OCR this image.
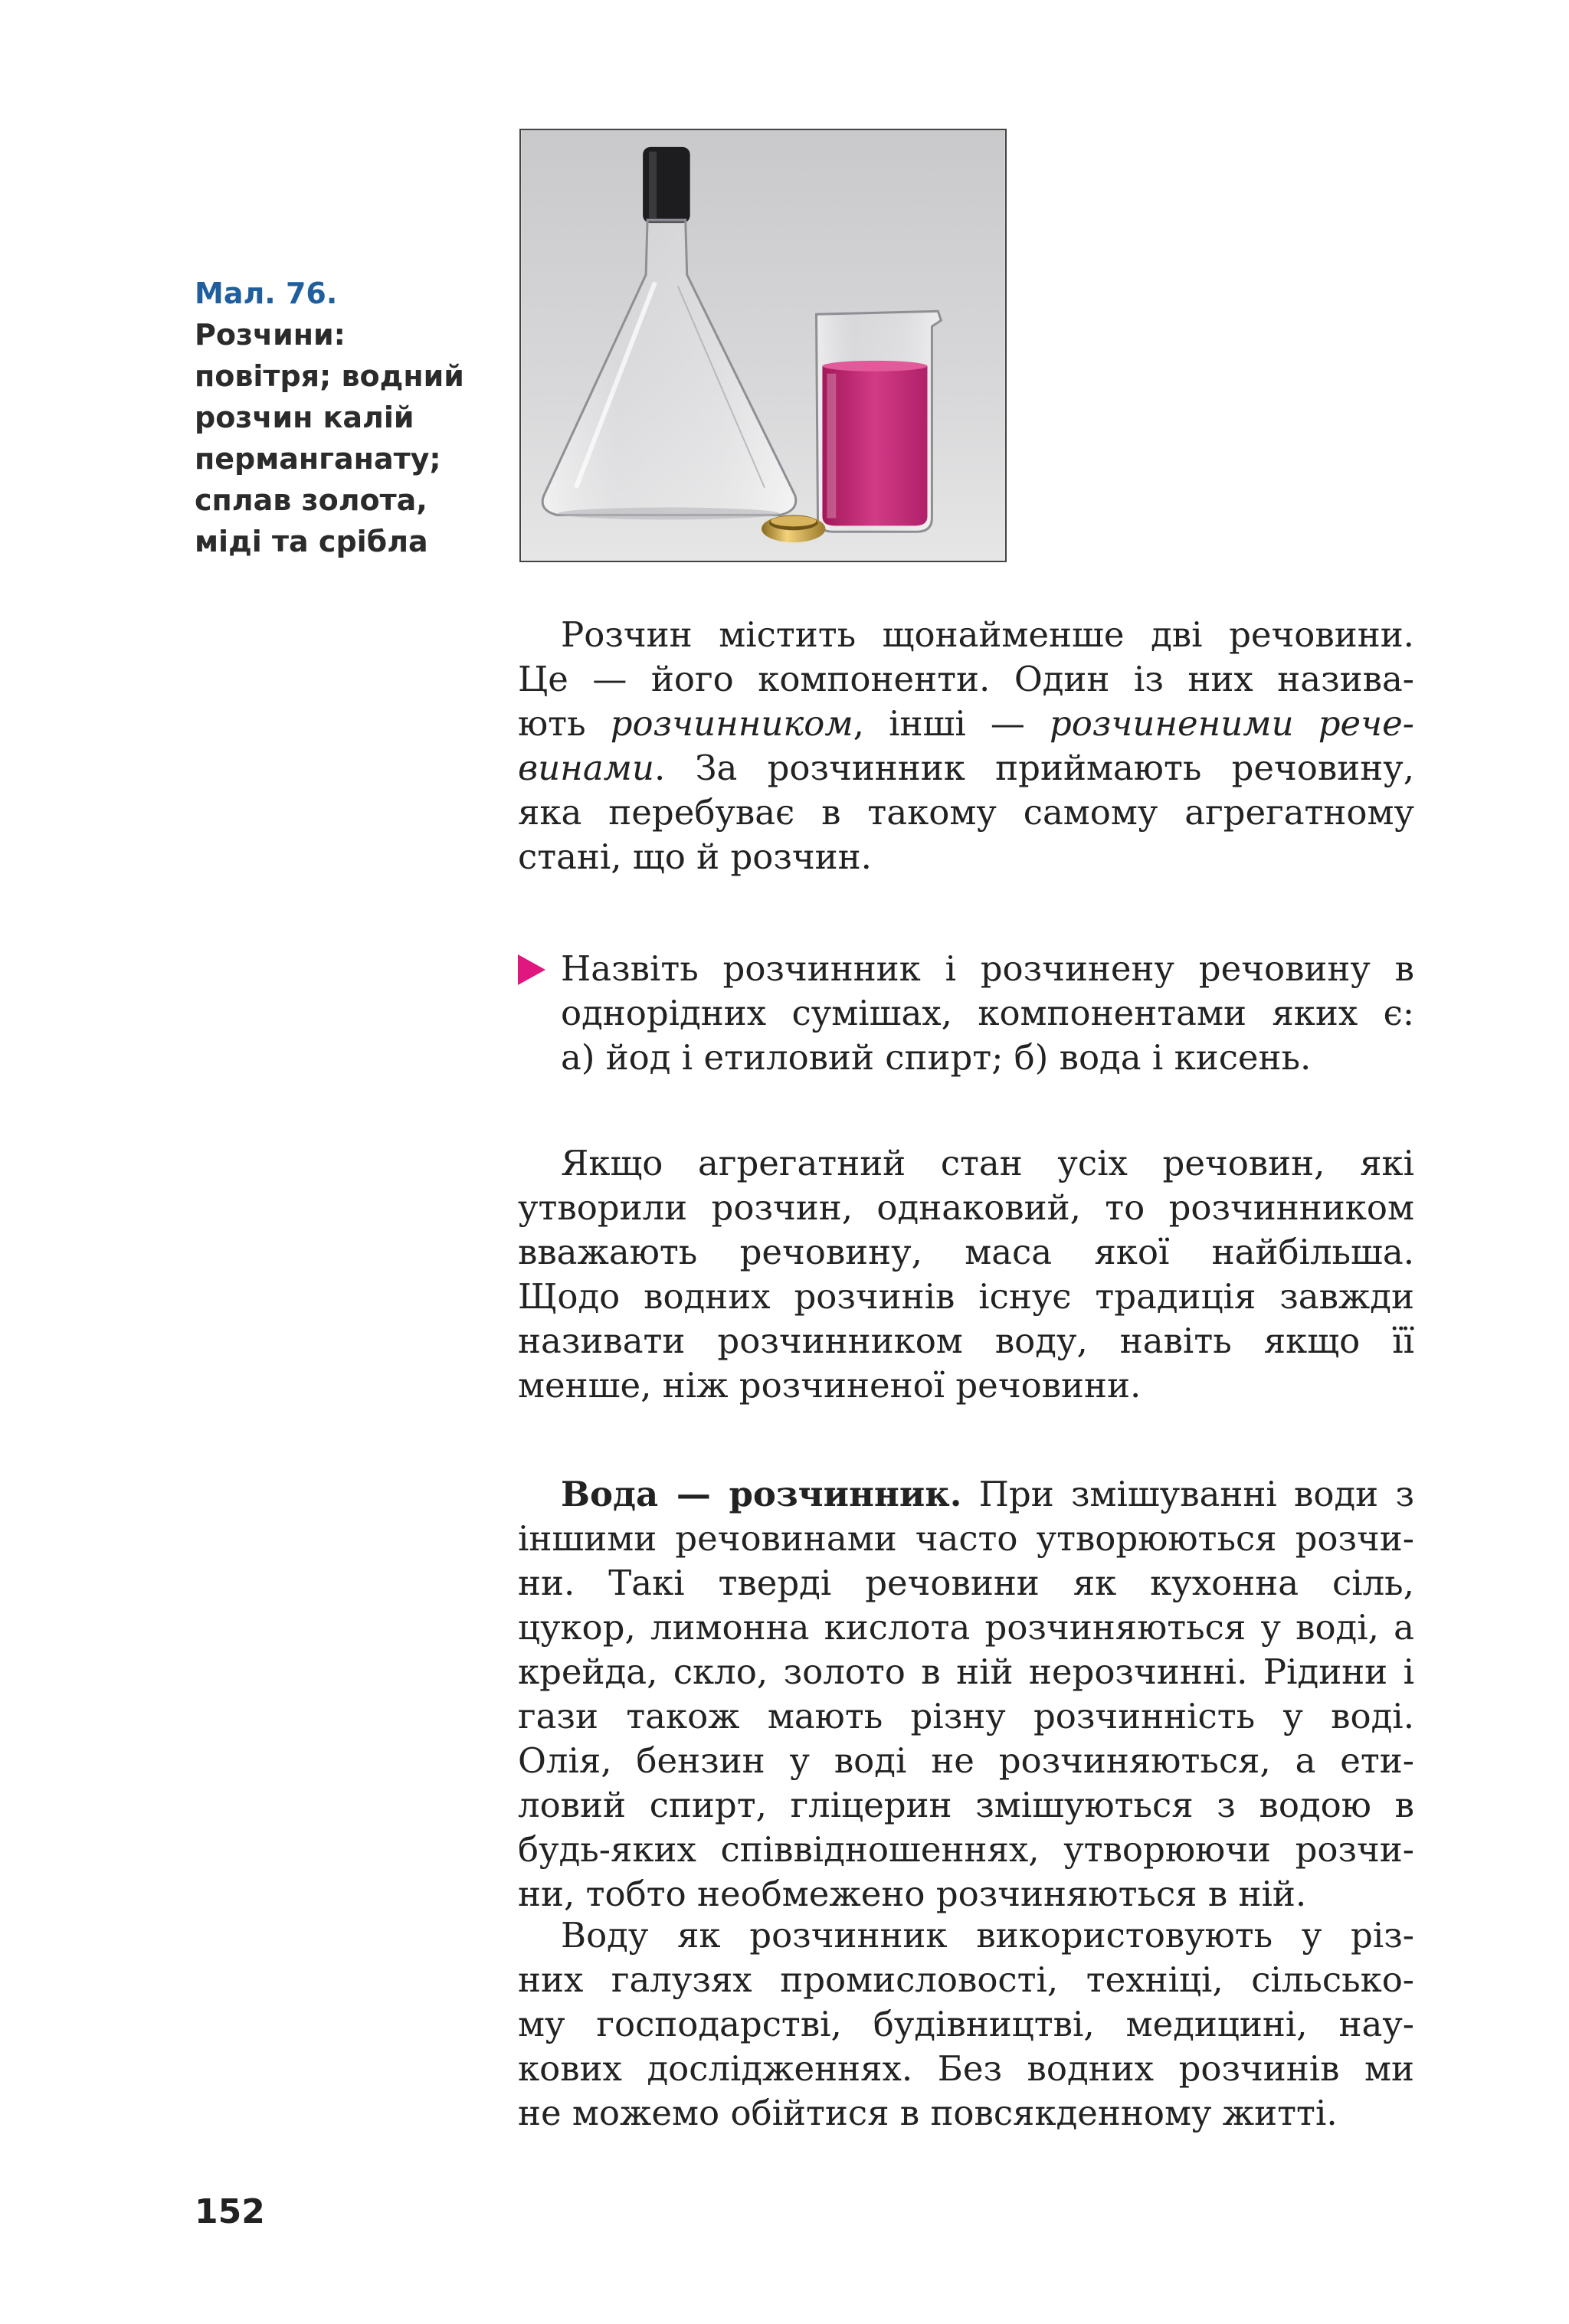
Мал. 76.
Розчини:
повітря; водний
розчин калій
перманганату;
сплав золота,
міді та срібла

Розчин містить щонайменше дві речовини.
Це — його компоненти. Один із них назива-
ють розчинником, інші — розчиненими рече-
винами. За розчинник приймають речовину,
яка перебуває в такому самому агрегатному
стані, що й розчин.

Назвіть розчинник і розчинену речовину в
однорідних сумішах, компонентами яких є:
а) йод і етиловий спирт; б) вода і кисень.

Якщо агрегатний стан усіх речовин, які
утворили розчин, однаковий, то розчинником
вважають речовину, маса якої найбільша.
Щодо водних розчинів існує традиція завжди
називати розчинником воду, навіть якщо її
менше, ніж розчиненої речовини.

Вода — розчинник. При змішуванні води з
іншими речовинами часто утворюються розчи-
ни. Такі тверді речовини як кухонна сіль,
цукор, лимонна кислота розчиняються у воді, а
крейда, скло, золото в ній нерозчинні. Рідини і
гази також мають різну розчинність у воді.
Олія, бензин у воді не розчиняються, а ети-
ловий спирт, гліцерин змішуються з водою в
будь-яких співвідношеннях, утворюючи розчи-
ни, тобто необмежено розчиняються в ній.

Воду як розчинник використовують у різ-
них галузях промисловості, техніці, сільсько-
му господарстві, будівництві, медицині, нау-
кових дослідженнях. Без водних розчинів ми
не можемо обійтися в повсякденному житті.

152
